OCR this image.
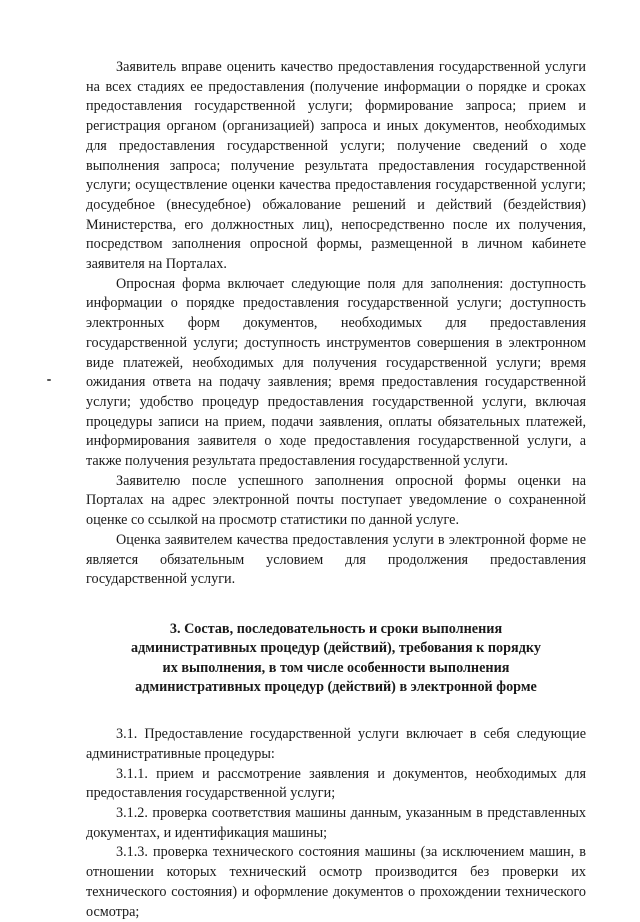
Заявитель вправе оценить качество предоставления государственной услуги на всех стадиях ее предоставления (получение информации о порядке и сроках предоставления государственной услуги; формирование запроса; прием и регистрация органом (организацией) запроса и иных документов, необходимых для предоставления государственной услуги; получение сведений о ходе выполнения запроса; получение результата предоставления государственной услуги; осуществление оценки качества предоставления государственной услуги; досудебное (внесудебное) обжалование решений и действий (бездействия) Министерства, его должностных лиц), непосредственно после их получения, посредством заполнения опросной формы, размещенной в личном кабинете заявителя на Порталах.

Опросная форма включает следующие поля для заполнения: доступность информации о порядке предоставления государственной услуги; доступность электронных форм документов, необходимых для предоставления государственной услуги; доступность инструментов совершения в электронном виде платежей, необходимых для получения государственной услуги; время ожидания ответа на подачу заявления; время предоставления государственной услуги; удобство процедур предоставления государственной услуги, включая процедуры записи на прием, подачи заявления, оплаты обязательных платежей, информирования заявителя о ходе предоставления государственной услуги, а также получения результата предоставления государственной услуги.

Заявителю после успешного заполнения опросной формы оценки на Порталах на адрес электронной почты поступает уведомление о сохраненной оценке со ссылкой на просмотр статистики по данной услуге.

Оценка заявителем качества предоставления услуги в электронной форме не является обязательным условием для продолжения предоставления государственной услуги.

3. Состав, последовательность и сроки выполнения
административных процедур (действий), требования к порядку
их выполнения, в том числе особенности выполнения
административных процедур (действий) в электронной форме

3.1. Предоставление государственной услуги включает в себя следующие административные процедуры:

3.1.1. прием и рассмотрение заявления и документов, необходимых для предоставления государственной услуги;

3.1.2. проверка соответствия машины данным, указанным в представленных документах, и идентификация машины;

3.1.3. проверка технического состояния машины (за исключением машин, в отношении которых технический осмотр производится без проверки их технического состояния) и оформление документов о прохождении технического осмотра;
